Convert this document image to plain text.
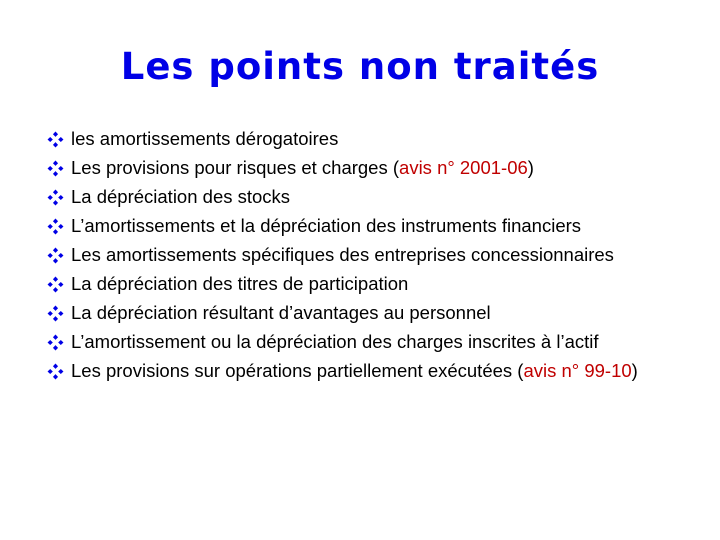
Les points non traités
les amortissements dérogatoires
Les provisions pour risques et charges (avis n° 2001-06)
La dépréciation des stocks
L’amortissements et la dépréciation des instruments financiers
Les amortissements spécifiques des entreprises concessionnaires
La dépréciation des titres de participation
La dépréciation résultant d’avantages au personnel
L’amortissement ou la dépréciation des charges inscrites à l’actif
Les provisions sur opérations partiellement exécutées (avis n° 99-10)
